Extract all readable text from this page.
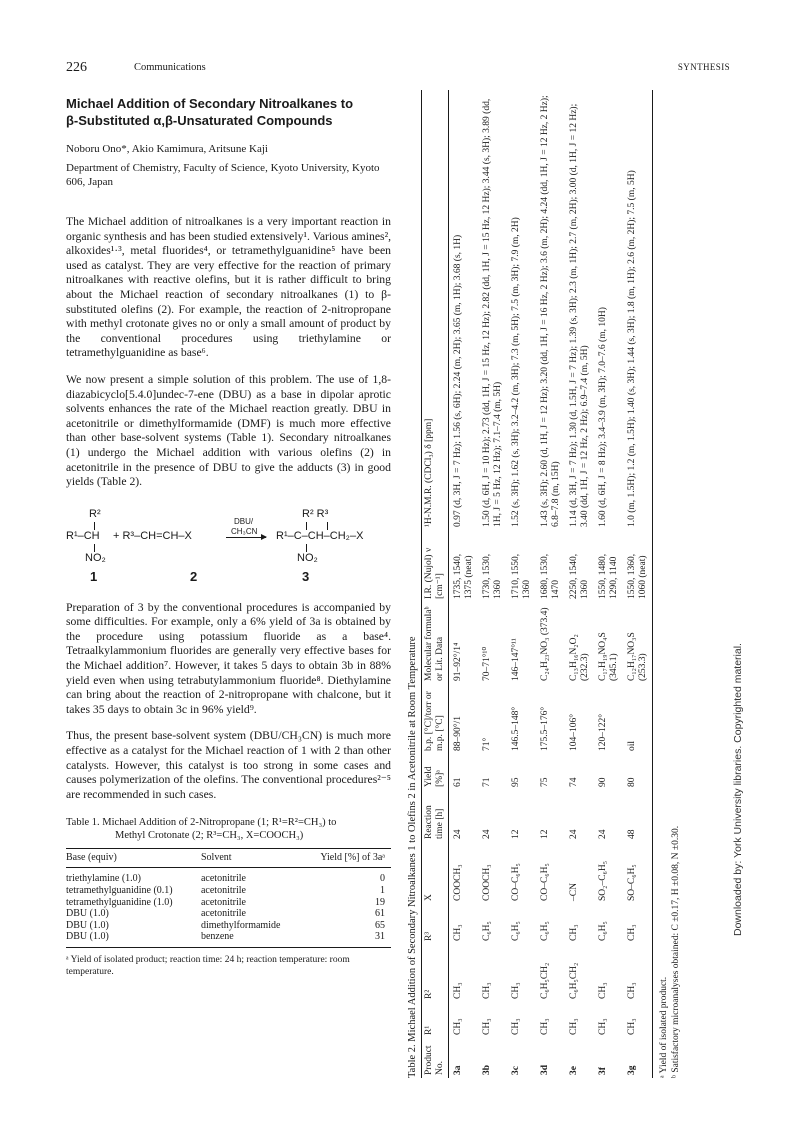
226	Communications	SYNTHESIS
Michael Addition of Secondary Nitroalkanes to
β-Substituted α,β-Unsaturated Compounds
Noboru Ono*, Akio Kamimura, Aritsune Kaji
Department of Chemistry, Faculty of Science, Kyoto University, Kyoto 606, Japan

The Michael addition of nitroalkanes is a very important reaction in organic synthesis and has been studied extensively¹. Various amines², alkoxides¹·³, metal fluorides⁴, or tetramethylguanidine⁵ have been used as catalyst. They are very effective for the reaction of primary nitroalkanes with reactive olefins, but it is rather difficult to bring about the Michael reaction of secondary nitroalkanes (1) to β-substituted olefins (2). For example, the reaction of 2-nitropropane with methyl crotonate gives no or only a small amount of product by the conventional procedures using triethylamine or tetramethylguanidine as base⁶.

We now present a simple solution of this problem. The use of 1,8-diazabicyclo[5.4.0]undec-7-ene (DBU) as a base in dipolar aprotic solvents enhances the rate of the Michael reaction greatly. DBU in acetonitrile or dimethylformamide (DMF) is much more effective than other base-solvent systems (Table 1). Secondary nitroalkanes (1) undergo the Michael addition with various olefins (2) in acetonitrile in the presence of DBU to give the adducts (3) in good yields (Table 2).

R²
R¹–CH
NO₂
+ R³–CH=CH–X
DBU/
CH₃CN
R² R³
R¹–C–CH–CH₂–X
NO₂
1	2	3

Preparation of 3 by the conventional procedures is accompanied by some difficulties. For example, only a 6% yield of 3a is obtained by the procedure using potassium fluoride as a base⁴. Tetraalkylammonium fluorides are generally very effective bases for the Michael addition⁷. However, it takes 5 days to obtain 3b in 88% yield even when using tetrabutylammonium fluoride⁸. Diethylamine can bring about the reaction of 2-nitropropane with chalcone, but it takes 35 days to obtain 3c in 96% yield⁹.

Thus, the present base-solvent system (DBU/CH₃CN) is much more effective as a catalyst for the Michael reaction of 1 with 2 than other catalysts. However, this catalyst is too strong in some cases and causes polymerization of the olefins. The conventional procedures²⁻⁵ are recommended in such cases.

Table 1. Michael Addition of 2-Nitropropane (1; R¹=R²=CH₃) to
Methyl Crotonate (2; R³=CH₃, X=COOCH₃)
Base (equiv)	Solvent	Yield [%] of 3aᵃ
triethylamine (1.0)	acetonitrile	0
tetramethylguanidine (0.1)	acetonitrile	1
tetramethylguanidine (1.0)	acetonitrile	19
DBU (1.0)	acetonitrile	61
DBU (1.0)	dimethylformamide	65
DBU (1.0)	benzene	31
ᵃ Yield of isolated product; reaction time: 24 h; reaction temperature: room temperature.	Table 2. Michael Addition of Secondary Nitroalkanes 1 to Olefins 2 in Acetonitrile at Room Temperature Product No.	R¹	R²	R³	X	Reaction time [h]	Yield [%]ᵃ	b.p. [°C]/torr or m.p. [°C]	Molecular formulaᵇ or Lit. Data	I.R. (Nujol) ν [cm⁻¹]	¹H-N.M.R. (CDCl₃) δ [ppm]
3a	CH₃	CH₃	CH₃	COOCH₃	24	61	88–90°/1	91–92°/1⁴	1735, 1540, 1375 (neat)	0.97 (d, 3H, J = 7 Hz); 1.56 (s, 6H); 2.24 (m, 2H); 3.65 (m, 1H); 3.68 (s, 1H)
3b	CH₃	CH₃	C₆H₅	COOCH₃	24	71	71°	70–71°¹⁰	1730, 1530, 1360	1.50 (d, 6H, J = 10 Hz); 2.73 (dd, 1H, J = 15 Hz, 12 Hz); 2.82 (dd, 1H, J = 15 Hz, 12 Hz); 3.44 (s, 3H); 3.89 (dd, 1H, J = 5 Hz, 12 Hz); 7.1–7.4 (m, 5H)
3c	CH₃	CH₃	C₆H₅	CO–C₆H₅	12	95	146.5–148°	146–147°¹¹	1710, 1550, 1360	1.52 (s, 3H); 1.62 (s, 3H); 3.2–4.2 (m, 3H); 7.3 (m, 5H); 7.5 (m, 3H); 7.9 (m, 2H)
3d	CH₃	C₆H₅CH₂	C₆H₅	CO–C₆H₅	12	75	175.5–176°	C₂₄H₂₃NO₃ (373.4)	1680, 1530, 1470	1.43 (s, 3H); 2.60 (d, 1H, J = 12 Hz); 3.20 (dd, 1H, J = 16 Hz, 2 Hz); 3.6 (m, 2H); 4.24 (dd, 1H, J = 12 Hz, 2 Hz); 6.8–7.8 (m, 15H)
3e	CH₃	C₆H₅CH₂	CH₃	–CN	24	74	104–106°	C₁₃H₁₆N₂O₂ (232.3)	2250, 1540, 1360	1.14 (d, 3H, J = 7 Hz); 1.30 (d, 1.5H, J = 7 Hz); 1.39 (s, 3H); 2.3 (m, 1H); 2.7 (m, 2H); 3.00 (d, 1H, J = 12 Hz); 3.40 (dd, 1H, J = 12 Hz, 2 Hz); 6.9–7.4 (m, 5H)
3f	CH₃	CH₃	C₆H₅	SO₂–C₆H₅	24	90	120–122°	C₁₇H₁₉NO₄S (345.1)	1550, 1480, 1290, 1140	1.60 (d, 6H, J = 8 Hz); 3.4–3.9 (m, 3H); 7.0–7.6 (m, 10H)
3g	CH₃	CH₃	CH₃	SO–C₆H₅	48	80	oil	C₁₂H₁₇NO₃S (253.3)	1550, 1360, 1060 (neat)	1.0 (m, 1.5H); 1.2 (m, 1.5H); 1.40 (s, 3H); 1.44 (s, 3H); 1.8 (m, 1H); 2.6 (m, 2H); 7.5 (m, 5H)
ᵃ Yield of isolated product. ᵇ Satisfactory microanalyses obtained: C ±0.17, H ±0.08, N ±0.30.
Downloaded by: York University libraries. Copyrighted material.
